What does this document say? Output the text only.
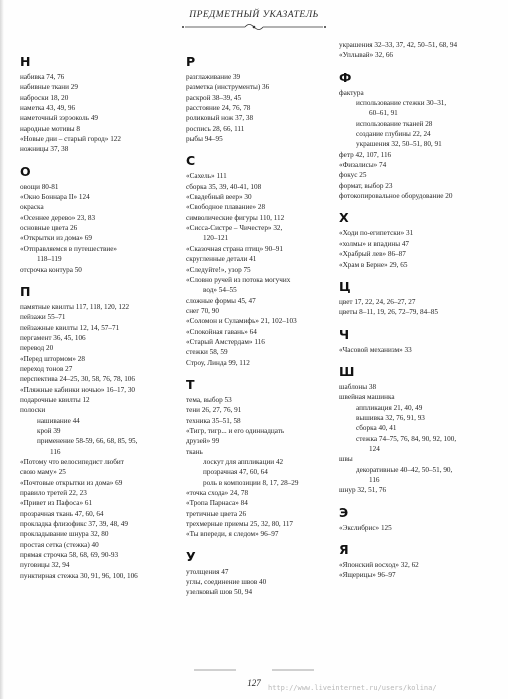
ПРЕДМЕТНЫЙ УКАЗАТЕЛЬ
Н
набивка 74, 76
набивные ткани 29
наброски 18, 20
наметка 43, 49, 96
наметочный зэрэоколь 49
народные мотивы 8
«Новые дни – старый город» 122
ножницы 37, 38
О
овощи 80-81
«Окно Боннара II» 124
окраска
«Осеннее дерево» 23, 83
основные цвета 26
«Открытки из дома» 69
«Отправляемся в путешествие»
118–119
отсрочка контура 50
П
памятные квилты 117, 118, 120, 122
пейзажи 55–71
пейзажные квилты 12, 14, 57–71
пергамент 36, 45, 106
перевод 20
«Перед штормом» 28
переход тонов 27
перспектива 24–25, 30, 58, 76, 78, 106
«Пляжные кабинки ночью» 16–17, 30
подарочные квилты 12
полоски
нашивание 44
крой 39
применение 58-59, 66, 68, 85, 95,
116
«Потому что велосипедист любит
свою маму» 25
«Почтовые открытки из дома» 69
правило третей 22, 23
«Привет из Пафоса» 61
прозрачная ткань 47, 60, 64
прокладка флизофикс 37, 39, 48, 49
прокладывание шнура 32, 80
простая сетка (стежка) 40
прямая строчка 58, 68, 69, 90-93
пуговицы 32, 94
пунктирная стежка 30, 91, 96, 100, 106
Р
разглаживание 39
разметка (инструменты) 36
раскрой 38–39, 45
расстояние 24, 76, 78
роликовый нож 37, 38
роспись 28, 66, 111
рыбы 94–95
С
«Сахель» 111
сборка 35, 39, 40-41, 108
«Свадебный веер» 30
«Свободное плавание» 28
символические фигуры 110, 112
«Сисса-Систре – Чичестер» 32,
120–121
«Сказочная страна птиц» 90–91
скругленные детали 41
«Следуйте!», узор 75
«Словно ручей из потока могучих
вод» 54–55
сложные формы 45, 47
снег 70, 90
«Соломон и Суламифь» 21, 102–103
«Спокойная гавань» 64
«Старый Амстердам» 116
стежки 58, 59
Строу, Линда 99, 112
Т
тема, выбор 53
тени 26, 27, 76, 91
техника 35–51, 58
«Тигр, тигр... и его одиннадцать
друзей» 99
ткань
лоскут для аппликации 42
прозрачная 47, 60, 64
роль в композиции 8, 17, 28–29
«точка схода» 24, 78
«Тропа Парнаса» 84
третичные цвета 26
трехмерные приемы 25, 32, 80, 117
«Ты впереди, я следом» 96–97
У
утолщения 47
углы, соединение швов 40
узелковый шов 50, 94
украшения 32–33, 37, 42, 50–51, 68, 94
«Уплывай» 32, 66
Ф
фактура
использование стежки 30–31,
60–61, 91
использование тканей 28
создание глубины 22, 24
украшения 32, 50–51, 80, 91
фетр 42, 107, 116
«Физалисы» 74
фокус 25
формат, выбор 23
фотокопировальное оборудование 20
Х
«Ходи по-египетски» 31
«холмы» и впадины 47
«Храбрый лев» 86–87
«Храм в Берне» 29, 65
Ц
цвет 17, 22, 24, 26–27, 27
цветы 8–11, 19, 26, 72–79, 84–85
Ч
«Часовой механизм» 33
Ш
шаблоны 38
швейная машинка
аппликация 21, 40, 49
вышивка 32, 76, 91, 93
сборка 40, 41
стежка 74–75, 76, 84, 90, 92, 100,
124
швы
декоративные 40–42, 50–51, 90,
116
шнур 32, 51, 76
Э
«Экслибрис» 125
Я
«Японский восход» 32, 62
«Ящерицы» 96–97
127	http://www.liveinternet.ru/users/kolina/
